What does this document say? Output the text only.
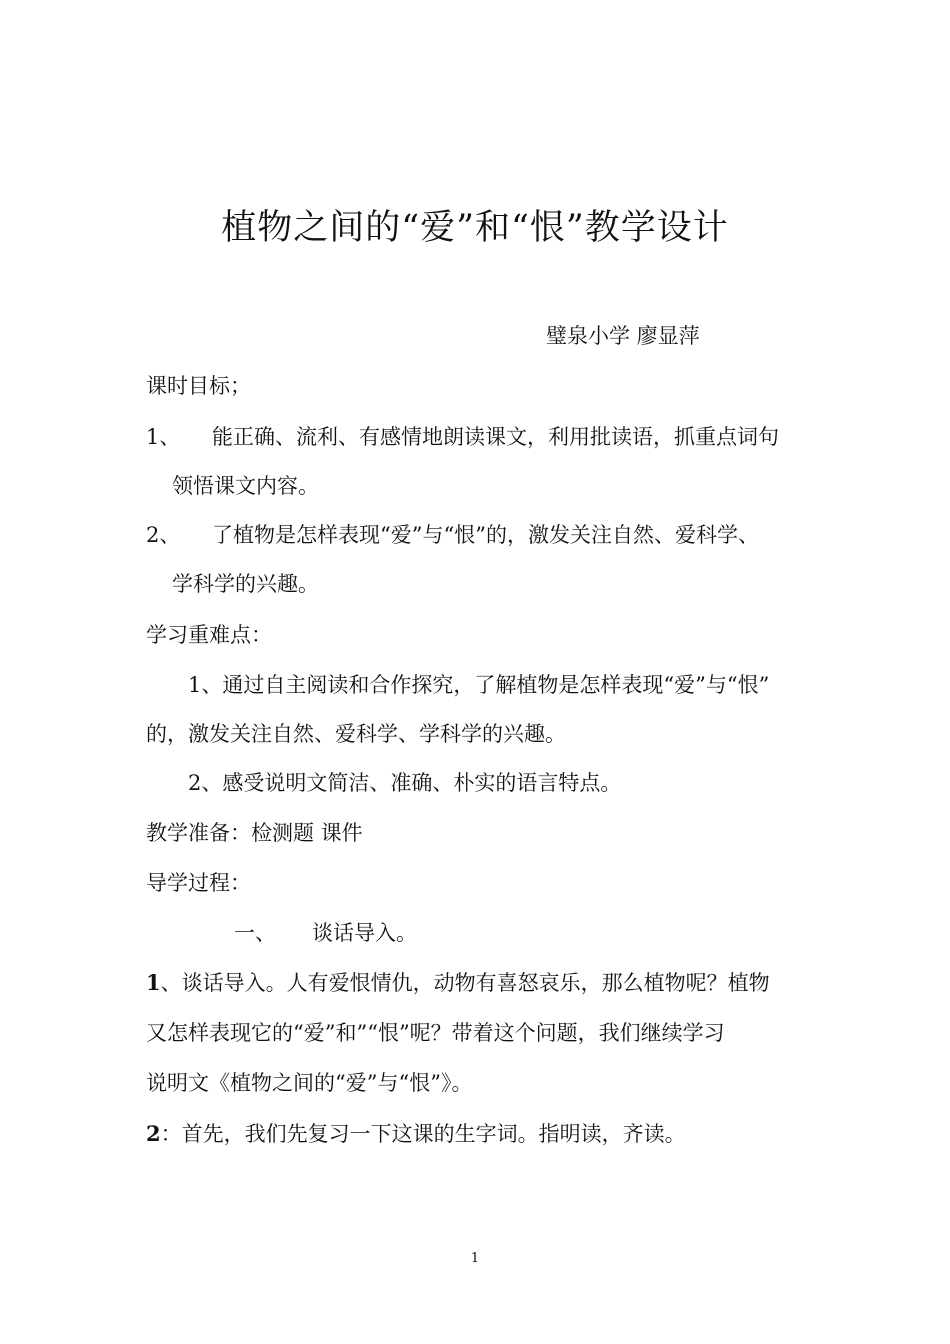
植物之间的“爱”和“恨”教学设计
璧泉小学 廖显萍
课时目标；
1、 能正确、流利、有感情地朗读课文，利用批读语，抓重点词句
领悟课文内容。
2、 了植物是怎样表现“爱”与“恨”的，激发关注自然、爱科学、
学科学的兴趣。
学习重难点：
1、通过自主阅读和合作探究，了解植物是怎样表现“爱”与“恨”
的，激发关注自然、爱科学、学科学的兴趣。
2、感受说明文简洁、准确、朴实的语言特点。
教学准备：检测题 课件
导学过程：
一、 谈话导入。
1、谈话导入。人有爱恨情仇，动物有喜怒哀乐，那么植物呢？植物
又怎样表现它的“爱”和”“恨”呢？带着这个问题，我们继续学习
说明文《植物之间的“爱”与“恨”》。
2：首先，我们先复习一下这课的生字词。指明读，齐读。
1
